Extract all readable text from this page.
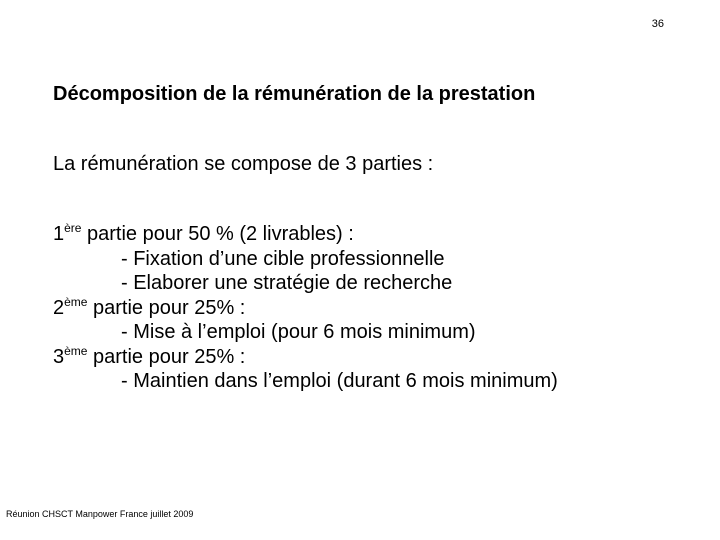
36
Décomposition de la rémunération de la prestation
La rémunération se compose de 3 parties :
1ère partie pour 50 % (2 livrables) :
- Fixation d’une cible professionnelle
- Elaborer une stratégie de recherche
2ème partie pour 25% :
- Mise à l’emploi (pour 6 mois minimum)
3ème partie pour 25% :
- Maintien dans l’emploi (durant 6 mois minimum)
Réunion CHSCT Manpower France juillet 2009
